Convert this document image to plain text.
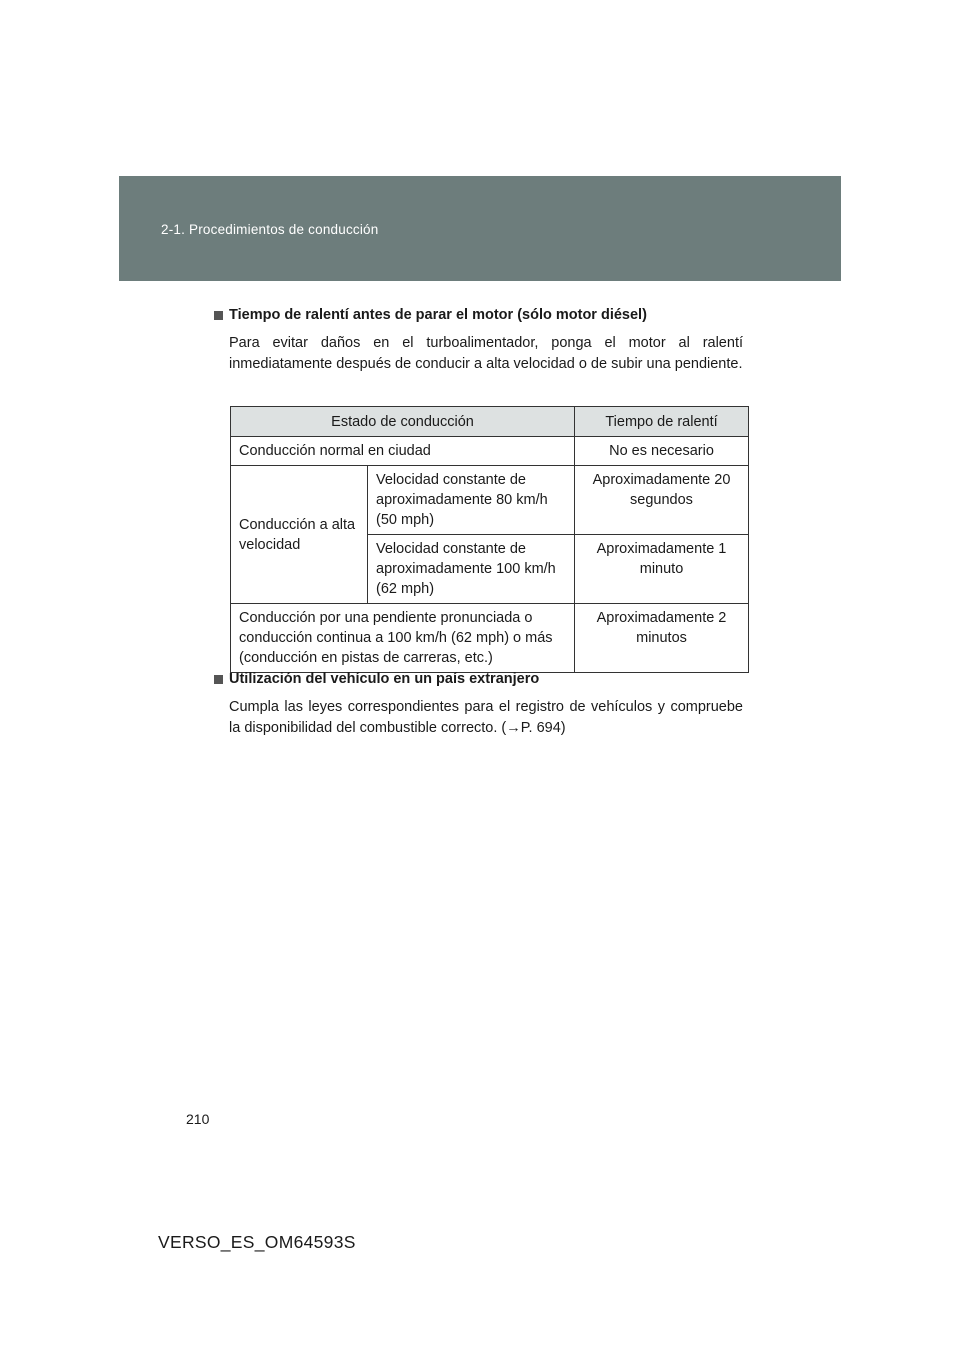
2-1. Procedimientos de conducción
Tiempo de ralentí antes de parar el motor (sólo motor diésel)
Para evitar daños en el turboalimentador, ponga el motor al ralentí inmediatamente después de conducir a alta velocidad o de subir una pendiente.
Estado de conducción		Tiempo de ralentí
Conducción normal en ciudad		No es necesario
Conducción a alta velocidad	Velocidad constante de aproximadamente 80 km/h (50 mph)	Aproximadamente 20 segundos
	Velocidad constante de aproximadamente 100 km/h (62 mph)	Aproximadamente 1 minuto
Conducción por una pendiente pronunciada o conducción continua a 100 km/h (62 mph) o más (conducción en pistas de carreras, etc.)		Aproximadamente 2 minutos
Utilización del vehículo en un país extranjero
Cumpla las leyes correspondientes para el registro de vehículos y compruebe la disponibilidad del combustible correcto. (→P. 694)
210
VERSO_ES_OM64593S
